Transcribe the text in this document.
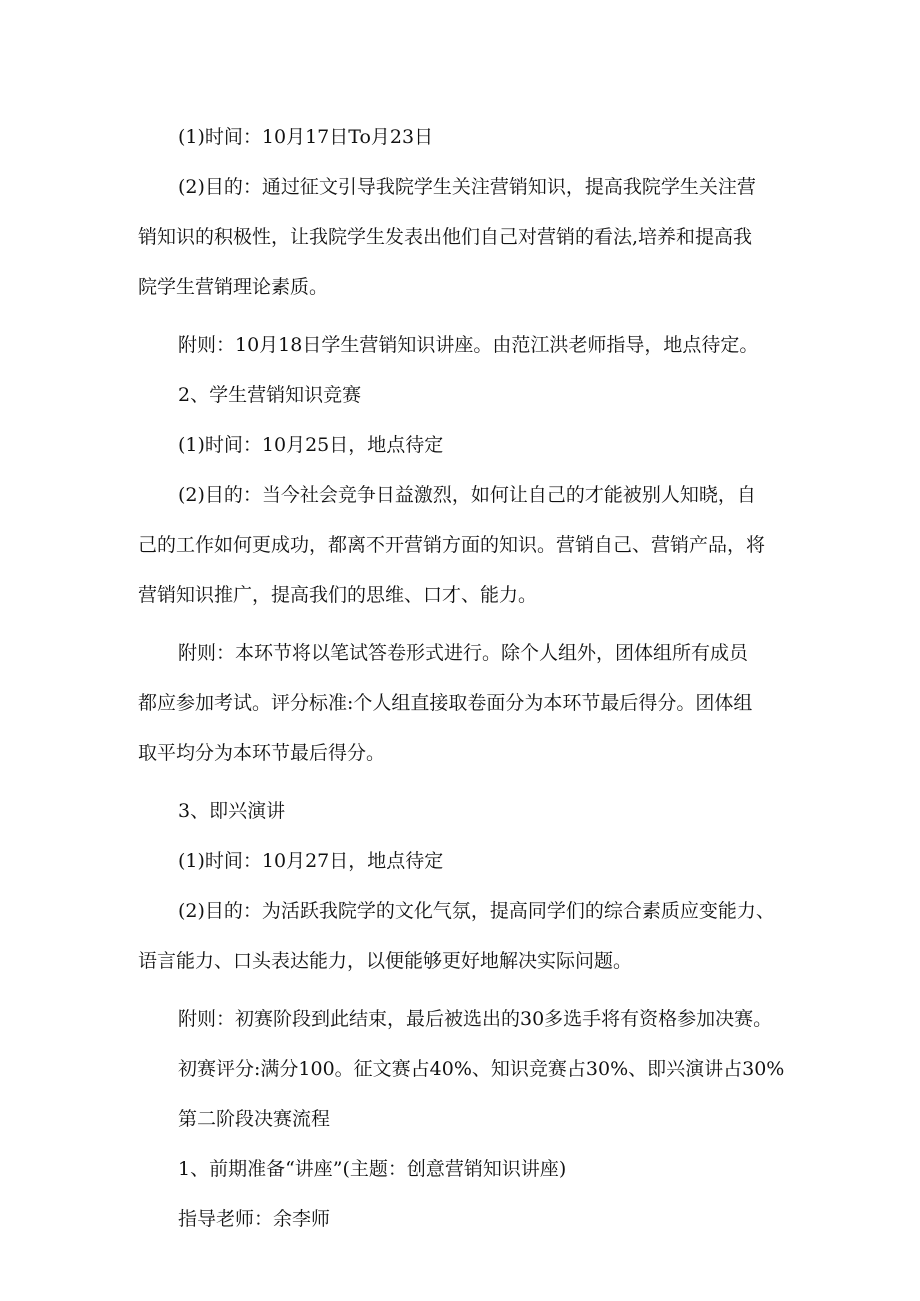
(1)时间：10月17日To月23日

(2)目的：通过征文引导我院学生关注营销知识，提高我院学生关注营

销知识的积极性，让我院学生发表出他们自己对营销的看法,培养和提高我

院学生营销理论素质。

附则：10月18日学生营销知识讲座。由范江洪老师指导，地点待定。

2、学生营销知识竞赛

(1)时间：10月25日，地点待定

(2)目的：当今社会竞争日益激烈，如何让自己的才能被别人知晓，自

己的工作如何更成功，都离不开营销方面的知识。营销自己、营销产品，将

营销知识推广，提高我们的思维、口才、能力。

附则：本环节将以笔试答卷形式进行。除个人组外，团体组所有成员

都应参加考试。评分标准:个人组直接取卷面分为本环节最后得分。团体组

取平均分为本环节最后得分。

3、即兴演讲

(1)时间：10月27日，地点待定

(2)目的：为活跃我院学的文化气氛，提高同学们的综合素质应变能力、

语言能力、口头表达能力，以便能够更好地解决实际问题。

附则：初赛阶段到此结束，最后被选出的30多选手将有资格参加决赛。

初赛评分:满分100。征文赛占40%、知识竞赛占30%、即兴演讲占30%

第二阶段决赛流程

1、前期准备“讲座”(主题：创意营销知识讲座)

指导老师：余李师
